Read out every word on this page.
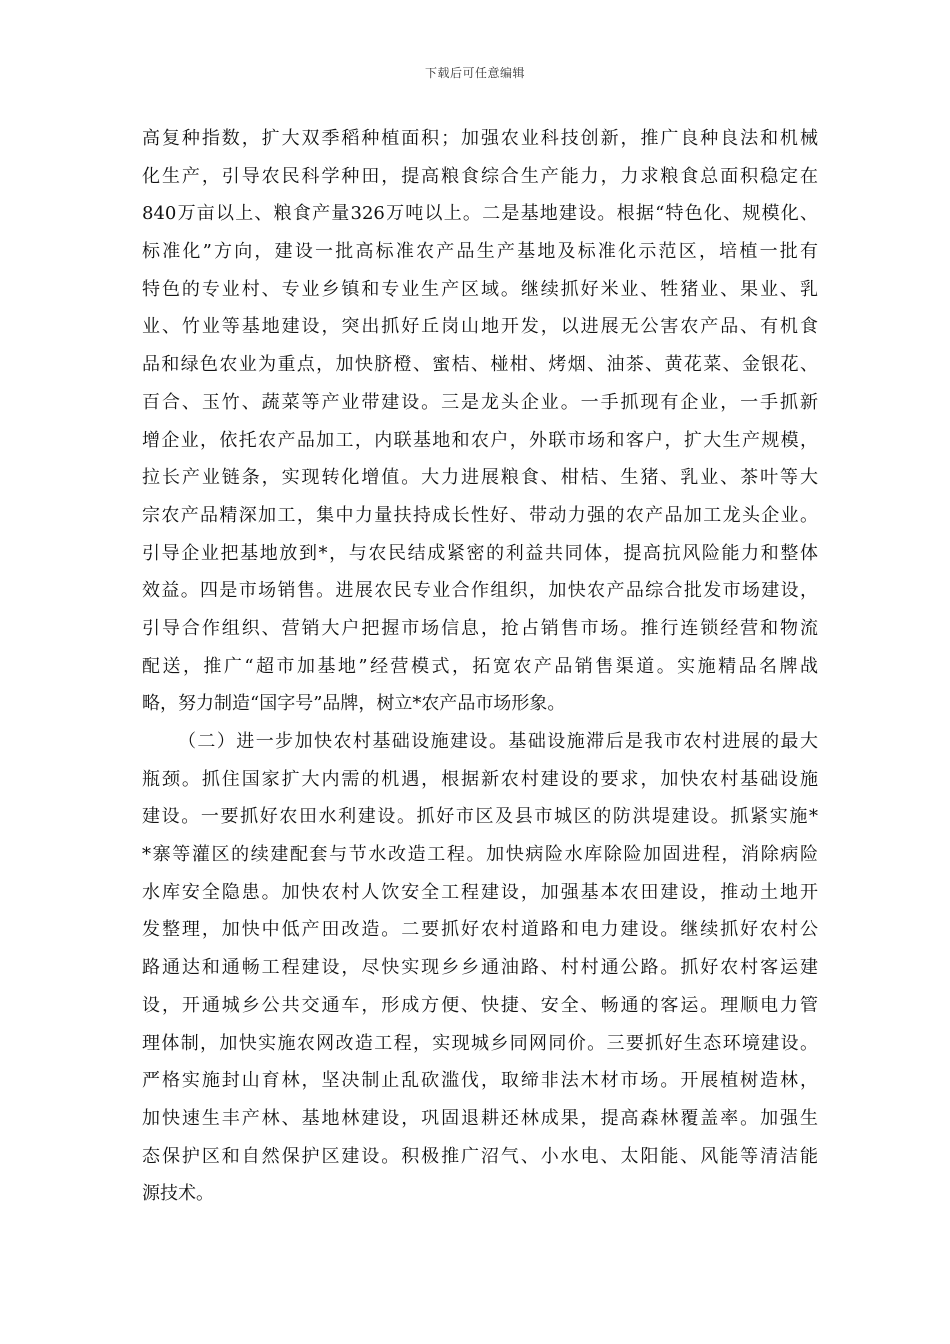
下载后可任意编辑
高复种指数，扩大双季稻种植面积；加强农业科技创新，推广良种良法和机械
化生产，引导农民科学种田，提高粮食综合生产能力，力求粮食总面积稳定在
840万亩以上、粮食产量326万吨以上。二是基地建设。根据“特色化、规模化、
标准化”方向，建设一批高标准农产品生产基地及标准化示范区，培植一批有
特色的专业村、专业乡镇和专业生产区域。继续抓好米业、牲猪业、果业、乳
业、竹业等基地建设，突出抓好丘岗山地开发，以进展无公害农产品、有机食
品和绿色农业为重点，加快脐橙、蜜桔、椪柑、烤烟、油茶、黄花菜、金银花、
百合、玉竹、蔬菜等产业带建设。三是龙头企业。一手抓现有企业，一手抓新
增企业，依托农产品加工，内联基地和农户，外联市场和客户，扩大生产规模，
拉长产业链条，实现转化增值。大力进展粮食、柑桔、生猪、乳业、茶叶等大
宗农产品精深加工，集中力量扶持成长性好、带动力强的农产品加工龙头企业。
引导企业把基地放到*，与农民结成紧密的利益共同体，提高抗风险能力和整体
效益。四是市场销售。进展农民专业合作组织，加快农产品综合批发市场建设，
引导合作组织、营销大户把握市场信息，抢占销售市场。推行连锁经营和物流
配送，推广“超市加基地”经营模式，拓宽农产品销售渠道。实施精品名牌战
略，努力制造“国字号”品牌，树立*农产品市场形象。
（二）进一步加快农村基础设施建设。基础设施滞后是我市农村进展的最大
瓶颈。抓住国家扩大内需的机遇，根据新农村建设的要求，加快农村基础设施
建设。一要抓好农田水利建设。抓好市区及县市城区的防洪堤建设。抓紧实施*
*寨等灌区的续建配套与节水改造工程。加快病险水库除险加固进程，消除病险
水库安全隐患。加快农村人饮安全工程建设，加强基本农田建设，推动土地开
发整理，加快中低产田改造。二要抓好农村道路和电力建设。继续抓好农村公
路通达和通畅工程建设，尽快实现乡乡通油路、村村通公路。抓好农村客运建
设，开通城乡公共交通车，形成方便、快捷、安全、畅通的客运。理顺电力管
理体制，加快实施农网改造工程，实现城乡同网同价。三要抓好生态环境建设。
严格实施封山育林，坚决制止乱砍滥伐，取缔非法木材市场。开展植树造林，
加快速生丰产林、基地林建设，巩固退耕还林成果，提高森林覆盖率。加强生
态保护区和自然保护区建设。积极推广沼气、小水电、太阳能、风能等清洁能
源技术。
